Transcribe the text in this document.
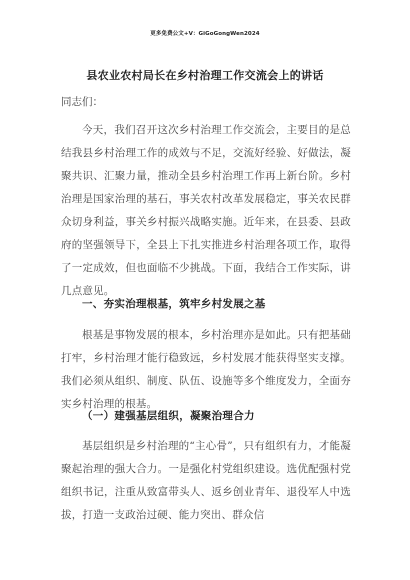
更多免费公文+V：GiGoGongWen2024
县农业农村局长在乡村治理工作交流会上的讲话
同志们：

今天，我们召开这次乡村治理工作交流会，主要目的是总结我县乡村治理工作的成效与不足，交流好经验、好做法，凝聚共识、汇聚力量，推动全县乡村治理工作再上新台阶。乡村治理是国家治理的基石，事关农村改革发展稳定，事关农民群众切身利益，事关乡村振兴战略实施。近年来，在县委、县政府的坚强领导下，全县上下扎实推进乡村治理各项工作，取得了一定成效，但也面临不少挑战。下面，我结合工作实际，讲几点意见。

一、夯实治理根基，筑牢乡村发展之基

根基是事物发展的根本，乡村治理亦是如此。只有把基础打牢，乡村治理才能行稳致远，乡村发展才能获得坚实支撑。我们必须从组织、制度、队伍、设施等多个维度发力，全面夯实乡村治理的根基。

（一）建强基层组织，凝聚治理合力

基层组织是乡村治理的“主心骨”，只有组织有力，才能凝聚起治理的强大合力。一是强化村党组织建设。选优配强村党组织书记，注重从致富带头人、返乡创业青年、退役军人中选拔，打造一支政治过硬、能力突出、群众信
